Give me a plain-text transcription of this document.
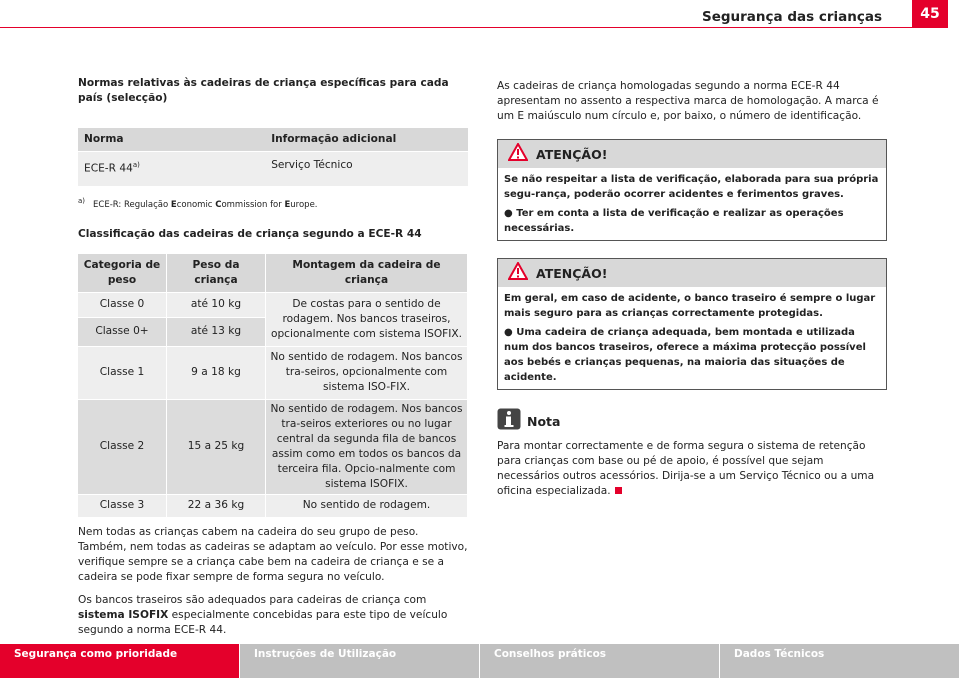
Segurança das crianças	45
Normas relativas às cadeiras de criança específicas para cada país (selecção)
Norma	Informação adicional
ECE-R 44$^{a)}$	Serviço Técnico
$^{a)}$ ECE-R: Regulação Economic Commission for Europe.
Classificação das cadeiras de criança segundo a ECE-R 44
Categoria de peso	Peso da criança	Montagem da cadeira de criança
Classe 0	até 10 kg	De costas para o sentido de rodagem. Nos bancos traseiros, opcionalmente com sistema ISOFIX.
Classe 0+	até 13 kg	
Classe 1	9 a 18 kg	No sentido de rodagem. Nos bancos tra-seiros, opcionalmente com sistema ISO-FIX.
Classe 2	15 a 25 kg	No sentido de rodagem. Nos bancos tra-seiros exteriores ou no lugar central da segunda fila de bancos assim como em todos os bancos da terceira fila. Opcio-nalmente com sistema ISOFIX.
Classe 3	22 a 36 kg	No sentido de rodagem.

Nem todas as crianças cabem na cadeira do seu grupo de peso. Também, nem todas as cadeiras se adaptam ao veículo. Por esse motivo, verifique sempre se a criança cabe bem na cadeira de criança e se a cadeira se pode fixar sempre de forma segura no veículo.

Os bancos traseiros são adequados para cadeiras de criança com sistema ISOFIX especialmente concebidas para este tipo de veículo segundo a norma ECE-R 44.

As cadeiras de criança homologadas segundo a norma ECE-R 44 apresentam no assento a respectiva marca de homologação. A marca é um E maiúsculo num círculo e, por baixo, o número de identificação.

ATENÇÃO!
Se não respeitar a lista de verificação, elaborada para sua própria segu-rança, poderão ocorrer acidentes e ferimentos graves.
● Ter em conta a lista de verificação e realizar as operações necessárias.
ATENÇÃO!
Em geral, em caso de acidente, o banco traseiro é sempre o lugar mais seguro para as crianças correctamente protegidas.
● Uma cadeira de criança adequada, bem montada e utilizada num dos bancos traseiros, oferece a máxima protecção possível aos bebés e crianças pequenas, na maioria das situações de acidente.
Nota

Para montar correctamente e de forma segura o sistema de retenção para crianças com base ou pé de apoio, é possível que sejam necessários outros acessórios. Dirija-se a um Serviço Técnico ou a uma oficina especializada.

Segurança como prioridade	Instruções de Utilização	Conselhos práticos	Dados Técnicos
